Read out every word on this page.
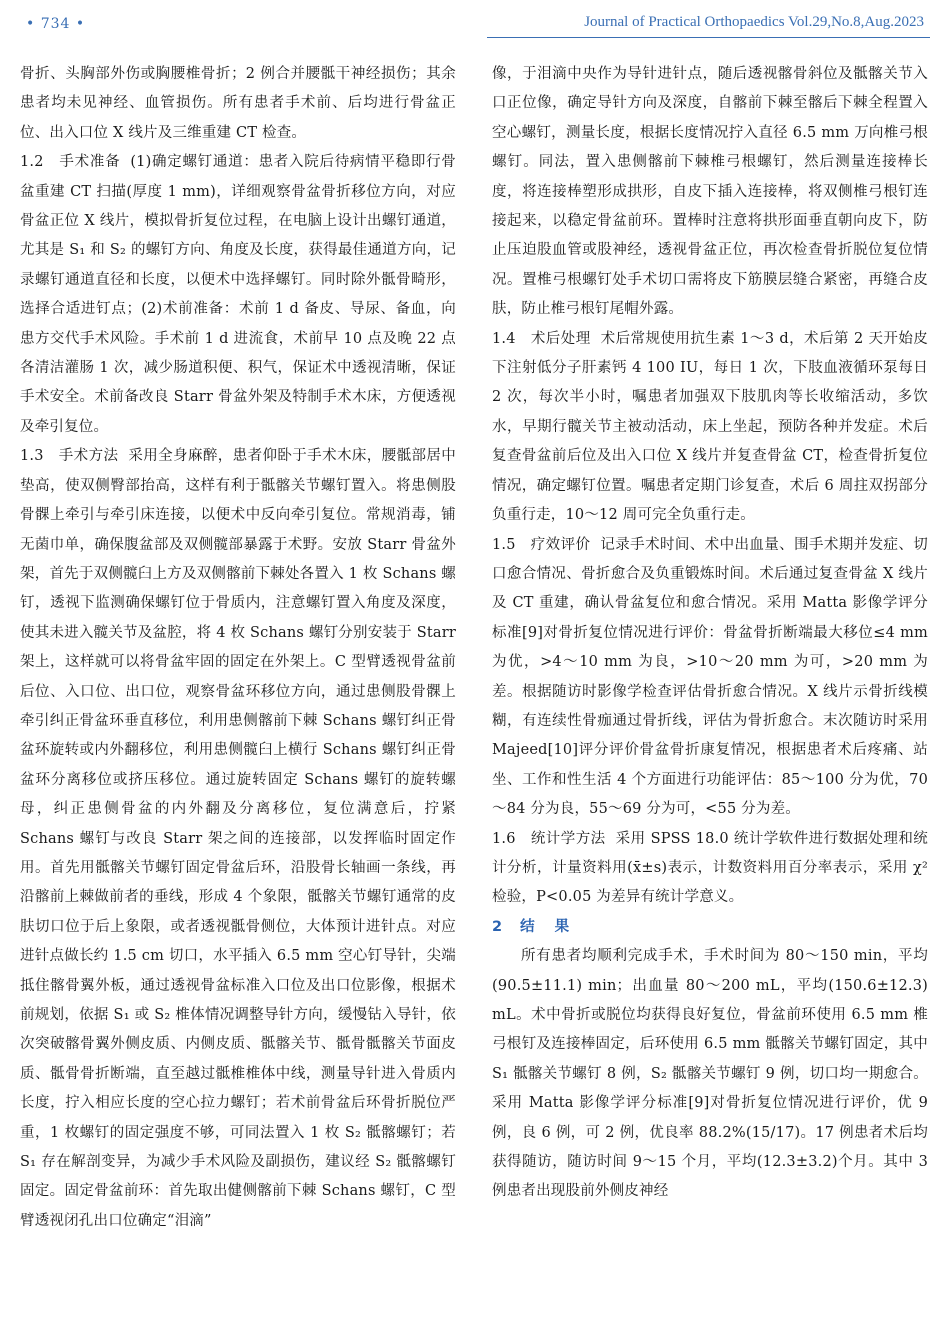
• 734 •	Journal of Practical Orthopaedics Vol.29,No.8,Aug.2023

骨折、头胸部外伤或胸腰椎骨折；2 例合并腰骶干神经损伤；其余患者均未见神经、血管损伤。所有患者手术前、后均进行骨盆正位、出入口位 X 线片及三维重建 CT 检查。

1.2　手术准备 (1)确定螺钉通道：患者入院后待病情平稳即行骨盆重建 CT 扫描(厚度 1 mm)，详细观察骨盆骨折移位方向，对应骨盆正位 X 线片，模拟骨折复位过程，在电脑上设计出螺钉通道，尤其是 S₁ 和 S₂ 的螺钉方向、角度及长度，获得最佳通道方向，记录螺钉通道直径和长度，以便术中选择螺钉。同时除外骶骨畸形，选择合适进钉点；(2)术前准备：术前 1 d 备皮、导尿、备血，向患方交代手术风险。手术前 1 d 进流食，术前早 10 点及晚 22 点各清洁灌肠 1 次，减少肠道积便、积气，保证术中透视清晰，保证手术安全。术前备改良 Starr 骨盆外架及特制手术木床，方便透视及牵引复位。

1.3　手术方法 采用全身麻醉，患者仰卧于手术木床，腰骶部居中垫高，使双侧臀部抬高，这样有利于骶髂关节螺钉置入。将患侧股骨髁上牵引与牵引床连接，以便术中反向牵引复位。常规消毒，铺无菌巾单，确保腹盆部及双侧髋部暴露于术野。安放 Starr 骨盆外架，首先于双侧髋臼上方及双侧髂前下棘处各置入 1 枚 Schans 螺钉，透视下监测确保螺钉位于骨质内，注意螺钉置入角度及深度，使其未进入髋关节及盆腔，将 4 枚 Schans 螺钉分别安装于 Starr 架上，这样就可以将骨盆牢固的固定在外架上。C 型臂透视骨盆前后位、入口位、出口位，观察骨盆环移位方向，通过患侧股骨髁上牵引纠正骨盆环垂直移位，利用患侧髂前下棘 Schans 螺钉纠正骨盆环旋转或内外翻移位，利用患侧髋臼上横行 Schans 螺钉纠正骨盆环分离移位或挤压移位。通过旋转固定 Schans 螺钉的旋转螺母，纠正患侧骨盆的内外翻及分离移位，复位满意后，拧紧 Schans 螺钉与改良 Starr 架之间的连接部，以发挥临时固定作用。首先用骶髂关节螺钉固定骨盆后环，沿股骨长轴画一条线，再沿髂前上棘做前者的垂线，形成 4 个象限，骶髂关节螺钉通常的皮肤切口位于后上象限，或者透视骶骨侧位，大体预计进针点。对应进针点做长约 1.5 cm 切口，水平插入 6.5 mm 空心钉导针，尖端抵住髂骨翼外板，通过透视骨盆标准入口位及出口位影像，根据术前规划，依据 S₁ 或 S₂ 椎体情况调整导针方向，缓慢钻入导针，依次突破髂骨翼外侧皮质、内侧皮质、骶髂关节、骶骨骶髂关节面皮质、骶骨骨折断端，直至越过骶椎椎体中线，测量导针进入骨质内长度，拧入相应长度的空心拉力螺钉；若术前骨盆后环骨折脱位严重，1 枚螺钉的固定强度不够，可同法置入 1 枚 S₂ 骶髂螺钉；若 S₁ 存在解剖变异，为减少手术风险及副损伤，建议经 S₂ 骶髂螺钉固定。固定骨盆前环：首先取出健侧髂前下棘 Schans 螺钉，C 型臂透视闭孔出口位确定“泪滴”

像，于泪滴中央作为导针进针点，随后透视髂骨斜位及骶髂关节入口正位像，确定导针方向及深度，自髂前下棘至髂后下棘全程置入空心螺钉，测量长度，根据长度情况拧入直径 6.5 mm 万向椎弓根螺钉。同法，置入患侧髂前下棘椎弓根螺钉，然后测量连接棒长度，将连接棒塑形成拱形，自皮下插入连接棒，将双侧椎弓根钉连接起来，以稳定骨盆前环。置棒时注意将拱形面垂直朝向皮下，防止压迫股血管或股神经，透视骨盆正位，再次检查骨折脱位复位情况。置椎弓根螺钉处手术切口需将皮下筋膜层缝合紧密，再缝合皮肤，防止椎弓根钉尾帽外露。

1.4　术后处理 术后常规使用抗生素 1～3 d，术后第 2 天开始皮下注射低分子肝素钙 4 100 IU，每日 1 次，下肢血液循环泵每日 2 次，每次半小时，嘱患者加强双下肢肌肉等长收缩活动，多饮水，早期行髋关节主被动活动，床上坐起，预防各种并发症。术后复查骨盆前后位及出入口位 X 线片并复查骨盆 CT，检查骨折复位情况，确定螺钉位置。嘱患者定期门诊复查，术后 6 周拄双拐部分负重行走，10～12 周可完全负重行走。

1.5　疗效评价 记录手术时间、术中出血量、围手术期并发症、切口愈合情况、骨折愈合及负重锻炼时间。术后通过复查骨盆 X 线片及 CT 重建，确认骨盆复位和愈合情况。采用 Matta 影像学评分标准[9]对骨折复位情况进行评价：骨盆骨折断端最大移位≤4 mm 为优，>4～10 mm 为良，>10～20 mm 为可，>20 mm 为差。根据随访时影像学检查评估骨折愈合情况。X 线片示骨折线模糊，有连续性骨痂通过骨折线，评估为骨折愈合。末次随访时采用 Majeed[10]评分评价骨盆骨折康复情况，根据患者术后疼痛、站坐、工作和性生活 4 个方面进行功能评估：85～100 分为优，70～84 分为良，55～69 分为可，<55 分为差。

1.6　统计学方法 采用 SPSS 18.0 统计学软件进行数据处理和统计分析，计量资料用(x̄±s)表示，计数资料用百分率表示，采用 χ² 检验，P<0.05 为差异有统计学意义。

2 结果

所有患者均顺利完成手术，手术时间为 80～150 min，平均(90.5±11.1) min；出血量 80～200 mL，平均(150.6±12.3) mL。术中骨折或脱位均获得良好复位，骨盆前环使用 6.5 mm 椎弓根钉及连接棒固定，后环使用 6.5 mm 骶髂关节螺钉固定，其中 S₁ 骶髂关节螺钉 8 例，S₂ 骶髂关节螺钉 9 例，切口均一期愈合。采用 Matta 影像学评分标准[9]对骨折复位情况进行评价，优 9 例，良 6 例，可 2 例，优良率 88.2%(15/17)。17 例患者术后均获得随访，随访时间 9～15 个月，平均(12.3±3.2)个月。其中 3 例患者出现股前外侧皮神经
